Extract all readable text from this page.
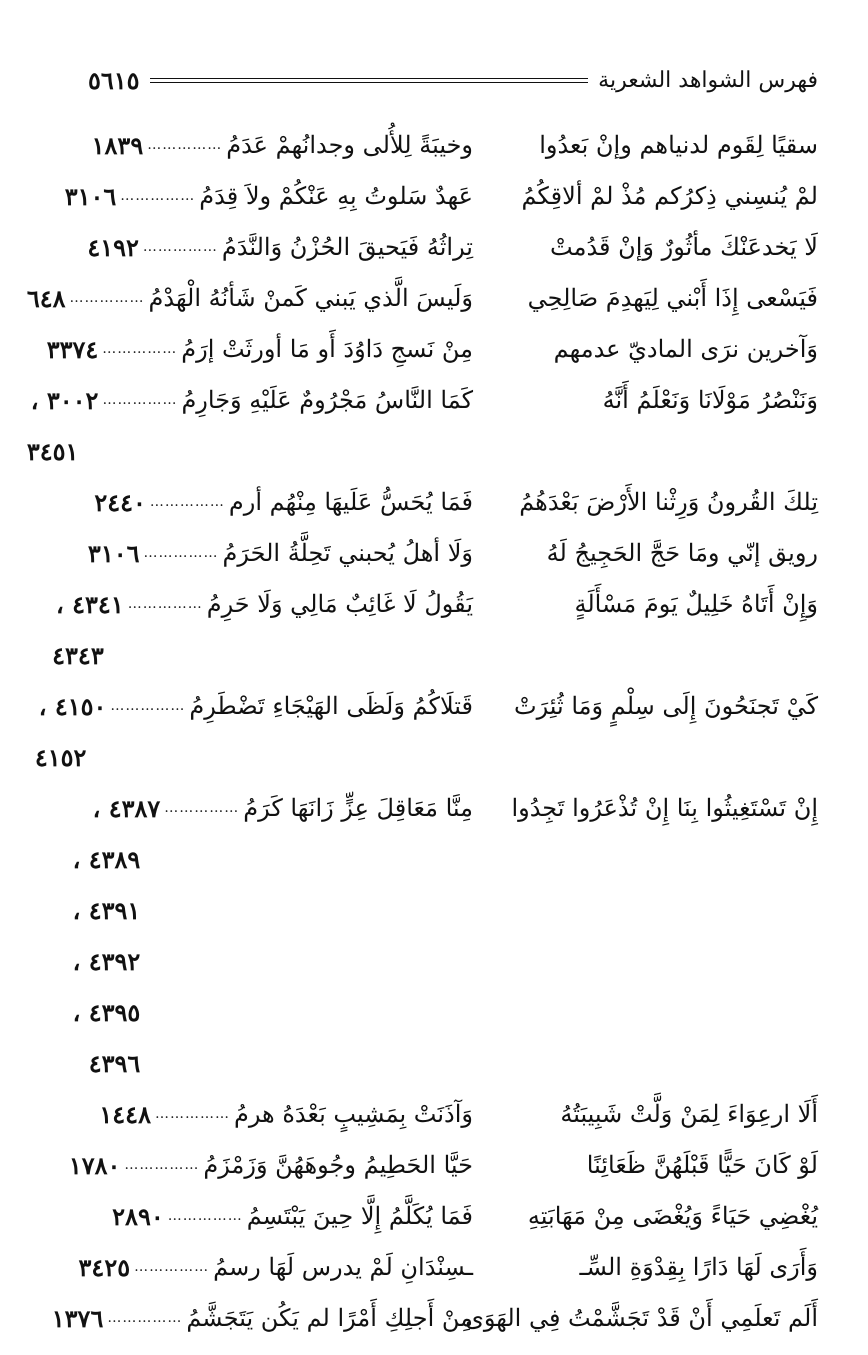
فهرس الشواهد الشعرية
٥٦١٥
سقيًا لِقَوم لدنياهم وإنْ بَعدُوا
وخيبَةً لِلأُلى وجدانُهمْ عَدَمُ
……………
١٨٣٩
لمْ يُنسِني ذِكرُكم مُذْ لمْ ألاقِكُمُ
عَهدٌ سَلوتُ بِهِ عَنْكُمْ ولاَ قِدَمُ
……………
٣١٠٦
لَا يَخدعَنْكَ مأثُورٌ وَإنْ قَدُمتْ
تِراثُهُ فَيَحيقَ الحُزْنُ وَالنَّدَمُ
……………
٤١٩٢
فَيَسْعى إِذَا أَبْني لِيَهدِمَ صَالِحِي
وَلَيسَ الَّذي يَبني كَمنْ شَأنُهُ الْهَدْمُ
……………
٦٤٨
وَآخرين نرَى الماديّ عدمهم
مِنْ نَسجِ دَاوُدَ أَو مَا أورثَتْ إرَمُ
……………
٣٣٧٤
وَنَنْصُرُ مَوْلَانَا وَنَعْلَمُ أَنَّهُ
كَمَا النَّاسُ مَجْرُومٌ عَلَيْهِ وَجَارِمُ
……………
٣٠٠٢ ،
٣٤٥١
تِلكَ القُرونُ وَرِثْنا الأَرْضَ بَعْدَهُمُ
فَمَا يُحَسُّ عَلَيهَا مِنْهُم أرم
……………
٢٤٤٠
رويق إنّي ومَا حَجَّ الحَجِيجُ لَهُ
وَلَا أهلُ يُحبني تَحِلَّةُ الحَرَمُ
……………
٣١٠٦
وَإِنْ أَتَاهُ خَلِيلٌ يَومَ مَسْأَلَةٍ
يَقُولُ لَا غَائِبٌ مَالِي وَلَا حَرِمُ
……………
٤٣٤١ ،
٤٣٤٣
كَيْ تَجنَحُونَ إِلَى سِلْمٍ وَمَا ثُئِرَتْ
قَتلَاكُمُ وَلَظَى الهَيْجَاءِ تَضْطَرِمُ
……………
٤١٥٠ ،
٤١٥٢
إِنْ تَسْتَغِيثُوا بِنَا إِنْ تُذْعَرُوا تَجِدُوا
مِنَّا مَعَاقِلَ عِزٍّ زَانَهَا كَرَمُ
……………
٤٣٨٧ ،
٤٣٨٩ ،
٤٣٩١ ،
٤٣٩٢ ،
٤٣٩٥ ،
٤٣٩٦
أَلَا ارعِوَاءَ لِمَنْ وَلَّتْ شَبِيبَتُهُ
وَآذَنَتْ بِمَشِيبٍ بَعْدَهُ هرمُ
……………
١٤٤٨
لَوْ كَانَ حَيًّا قَبْلَهُنَّ ظَعَائِنًا
حَيَّا الحَطِيمُ وجُوهَهُنَّ وَزَمْزَمُ
……………
١٧٨٠
يُغْضِي حَيَاءً وَيُغْضَى مِنْ مَهَابَتِهِ
فَمَا يُكَلَّمُ إِلَّا حِينَ يَبْتَسِمُ
……………
٢٨٩٠
وَأَرَى لَهَا دَارًا بِقِدْوَةِ السِّـ
ـسِنْدَانِ لَمْ يدرس لَهَا رسمُ
……………
٣٤٢٥
أَلَم تَعلَمِي أَنْ قَدْ تَجَشَّمْتُ فِي الهَوَى
مِنْ أَجلِكِ أَمْرًا لم يَكُن يَتَجَشَّمُ
……………
١٣٧٦
